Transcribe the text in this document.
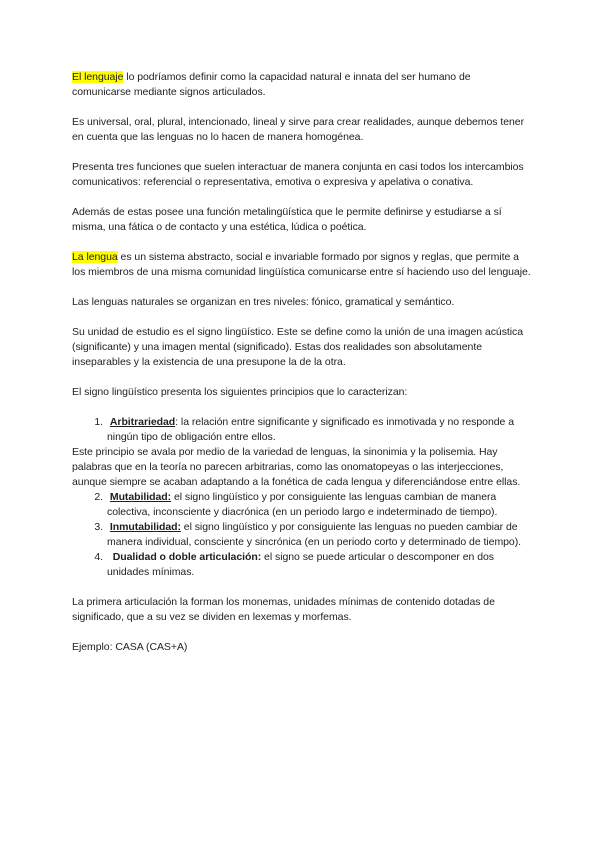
El lenguaje lo podríamos definir como la capacidad natural e innata del ser humano de comunicarse mediante signos articulados.

Es universal, oral, plural, intencionado, lineal y sirve para crear realidades, aunque debemos tener en cuenta que las lenguas no lo hacen de manera homogénea.

Presenta tres funciones que suelen interactuar de manera conjunta en casi todos los intercambios comunicativos: referencial o representativa, emotiva o expresiva y apelativa o conativa.

Además de estas posee una función metalingüística que le permite definirse y estudiarse a sí misma, una fática o de contacto y una estética, lúdica o poética.

La lengua es un sistema abstracto, social e invariable formado por signos y reglas, que permite a los miembros de una misma comunidad lingüística comunicarse entre sí haciendo uso del lenguaje.

Las lenguas naturales se organizan en tres niveles: fónico, gramatical y semántico.

Su unidad de estudio es el signo lingüístico. Este se define como la unión de una imagen acústica (significante) y una imagen mental (significado). Estas dos realidades son absolutamente inseparables y la existencia de una presupone la de la otra.

El signo lingüístico presenta los siguientes principios que lo caracterizan:

1. Arbitrariedad: la relación entre significante y significado es inmotivada y no responde a ningún tipo de obligación entre ellos.
Este principio se avala por medio de la variedad de lenguas, la sinonimia y la polisemia. Hay palabras que en la teoría no parecen arbitrarias, como las onomatopeyas o las interjecciones, aunque siempre se acaban adaptando a la fonética de cada lengua y diferenciándose entre ellas.
2. Mutabilidad: el signo lingüístico y por consiguiente las lenguas cambian de manera colectiva, inconsciente y diacrónica (en un periodo largo e indeterminado de tiempo).
3. Inmutabilidad: el signo lingüístico y por consiguiente las lenguas no pueden cambiar de manera individual, consciente y sincrónica (en un periodo corto y determinado de tiempo).
4. Dualidad o doble articulación: el signo se puede articular o descomponer en dos unidades mínimas.

La primera articulación la forman los monemas, unidades mínimas de contenido dotadas de significado, que a su vez se dividen en lexemas y morfemas.

Ejemplo: CASA (CAS+A)
